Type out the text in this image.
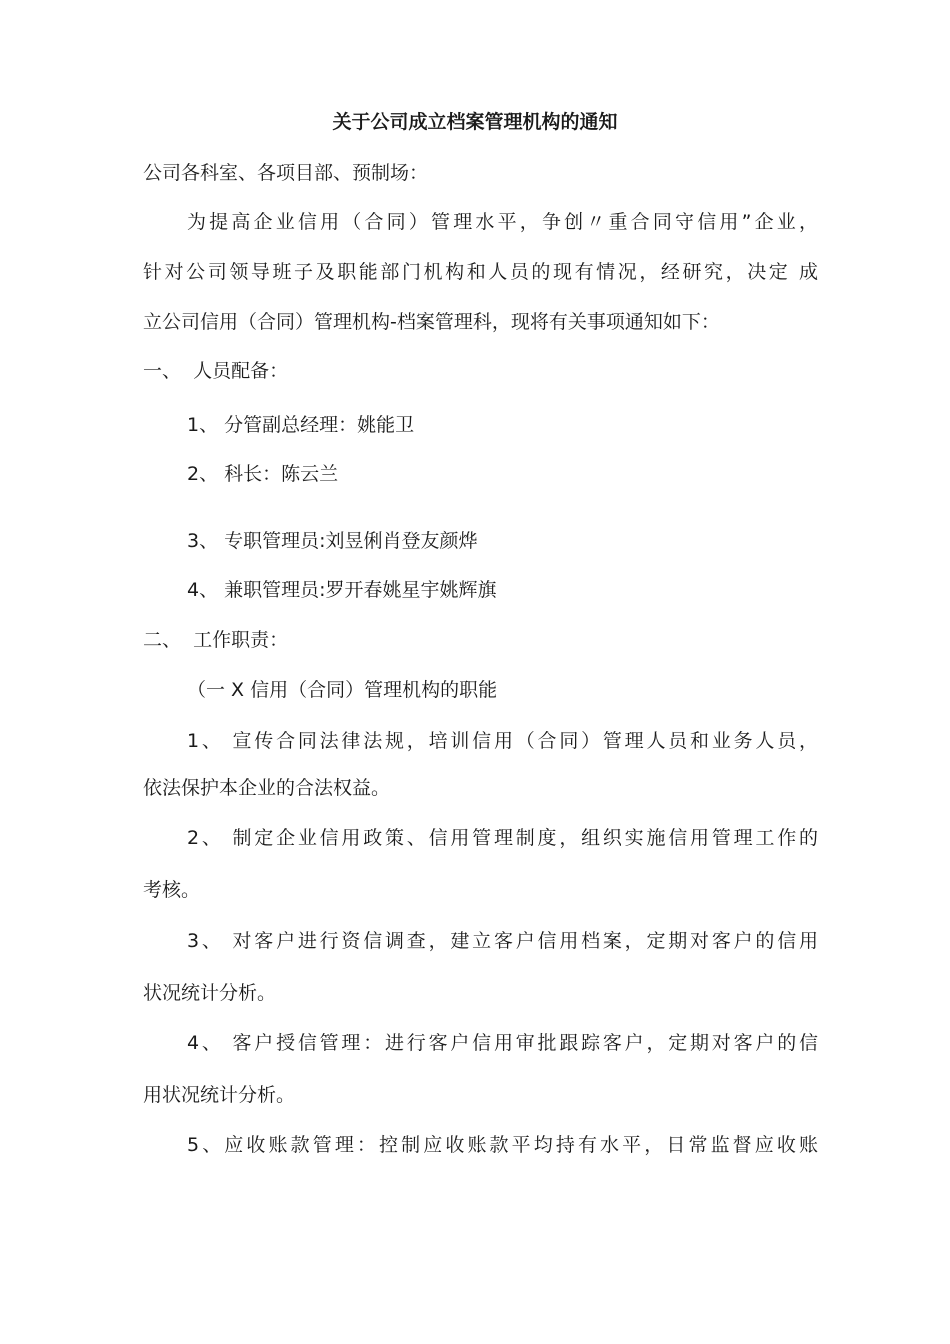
关于公司成立档案管理机构的通知
公司各科室、各项目部、预制场：
为提高企业信用（合同）管理水平，争创〃重合同守信用”企业，
针对公司领导班子及职能部门机构和人员的现有情况，经研究，决定 成
立公司信用（合同）管理机构-档案管理科，现将有关事项通知如下：
一、  人员配备：
1、 分管副总经理：姚能卫
2、 科长：陈云兰
3、 专职管理员:刘昱俐肖登友颜烨
4、 兼职管理员:罗开春姚星宇姚辉旗
二、  工作职责：
（一 X 信用（合同）管理机构的职能
1、 宣传合同法律法规，培训信用（合同）管理人员和业务人员，
依法保护本企业的合法权益。
2、 制定企业信用政策、信用管理制度，组织实施信用管理工作的
考核。
3、 对客户进行资信调查，建立客户信用档案，定期对客户的信用
状况统计分析。
4、 客户授信管理：进行客户信用审批跟踪客户，定期对客户的信
用状况统计分析。
5、应收账款管理：控制应收账款平均持有水平，日常监督应收账
